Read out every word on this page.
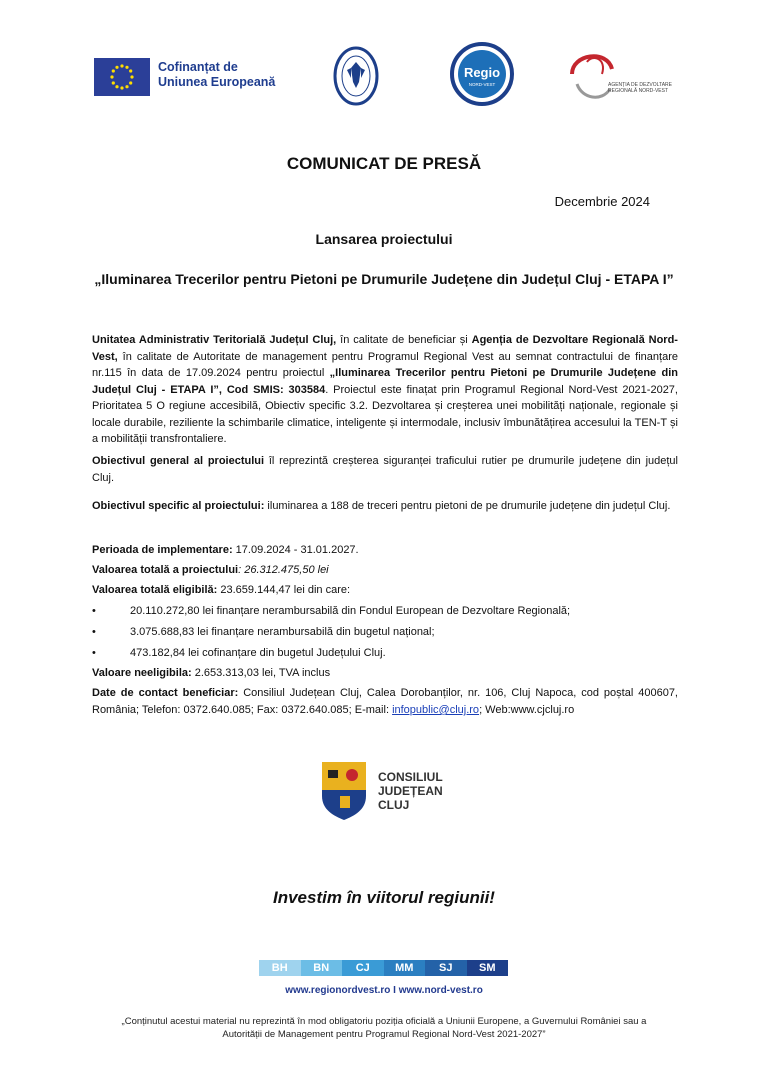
Cofinanțat de
Uniunea Europeană
Regio
NORD-VEST	AGENȚIA DE DEZVOLTARE REGIONALĂ NORD-VEST
COMUNICAT DE PRESĂ
Decembrie 2024
Lansarea proiectului
„Iluminarea Trecerilor pentru Pietoni pe Drumurile Județene din Județul Cluj - ETAPA I”

Unitatea Administrativ Teritorială Județul Cluj, în calitate de beneficiar și Agenția de Dezvoltare Regională Nord-Vest, în calitate de Autoritate de management pentru Programul Regional Vest au semnat contractului de finanțare nr.115 în data de 17.09.2024 pentru proiectul „Iluminarea Trecerilor pentru Pietoni pe Drumurile Județene din Județul Cluj - ETAPA I”, Cod SMIS: 303584. Proiectul este finațat prin Programul Regional Nord-Vest 2021-2027, Prioritatea 5 O regiune accesibilă, Obiectiv specific 3.2. Dezvoltarea și creșterea unei mobilități naționale, regionale și locale durabile, reziliente la schimbarile climatice, inteligente și intermodale, inclusiv îmbunătățirea accesului la TEN-T și a mobilității transfrontaliere.

Obiectivul general al proiectului îl reprezintă creșterea siguranței traficului rutier pe drumurile județene din județul Cluj.

Obiectivul specific al proiectului: iluminarea a 188 de treceri pentru pietoni de pe drumurile județene din județul Cluj.

Perioada de implementare: 17.09.2024 - 31.01.2027.

Valoarea totală a proiectului: 26.312.475,50 lei

Valoarea totală eligibilă: 23.659.144,47 lei din care:

•	20.110.272,80 lei finanțare nerambursabilă din Fondul European de Dezvoltare Regională;
•	3.075.688,83 lei finanțare nerambursabilă din bugetul național;
•	473.182,84 lei cofinanțare din bugetul Județului Cluj.

Valoare neeligibila: 2.653.313,03 lei, TVA inclus

Date de contact beneficiar: Consiliul Județean Cluj, Calea Dorobanților, nr. 106, Cluj Napoca, cod poștal 400607, România; Telefon: 0372.640.085; Fax: 0372.640.085; E-mail: infopublic@cluj.ro; Web:www.cjcluj.ro

CONSILIUL
JUDEȚEAN
CLUJ
Investim în viitorul regiunii!
BH	BN	CJ	MM	SJ	SM
www.regionordvest.ro I www.nord-vest.ro
„Conținutul acestui material nu reprezintă în mod obligatoriu poziția oficială a Uniunii Europene, a Guvernului României sau a Autorității de Management pentru Programul Regional Nord-Vest 2021-2027”
